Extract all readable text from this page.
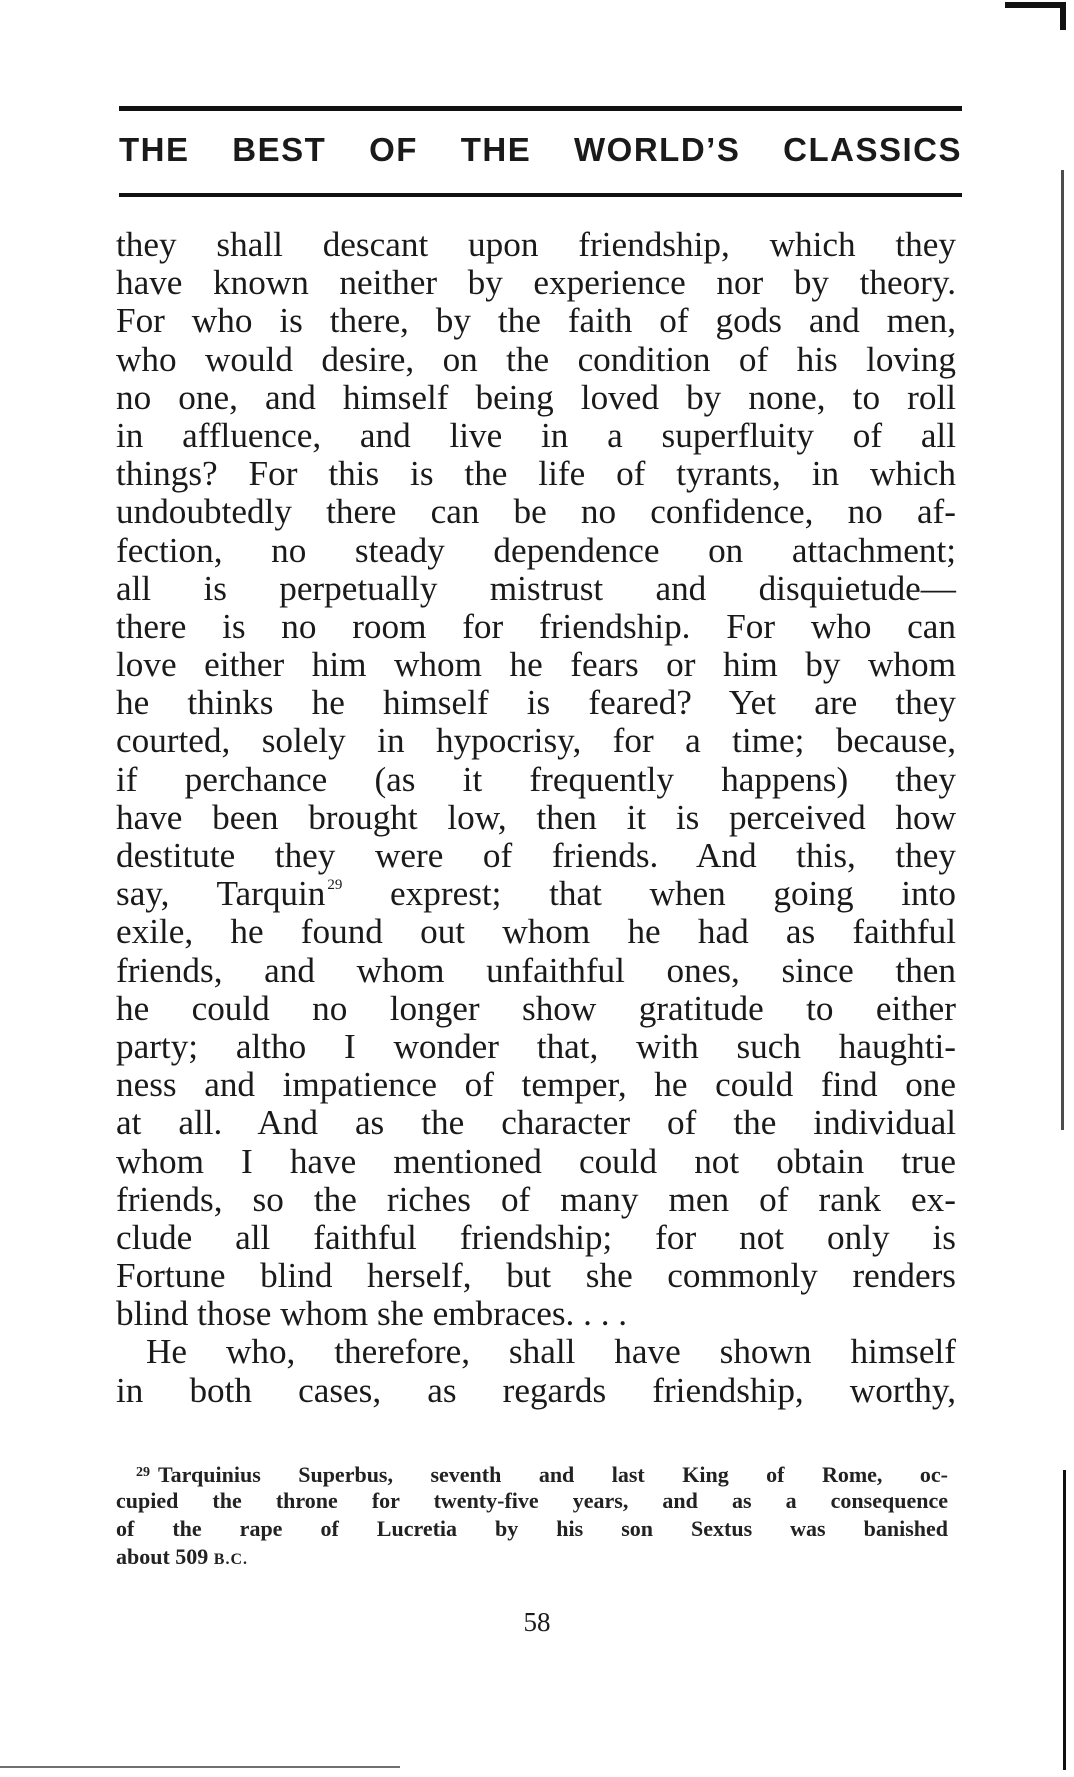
THE BEST OF THE WORLD’S CLASSICS
they shall descant upon friendship, which they
have known neither by experience nor by theory.
For who is there, by the faith of gods and men,
who would desire, on the condition of his loving
no one, and himself being loved by none, to roll
in affluence, and live in a superfluity of all
things? For this is the life of tyrants, in which
undoubtedly there can be no confidence, no af-
fection, no steady dependence on attachment;
all is perpetually mistrust and disquietude—
there is no room for friendship. For who can
love either him whom he fears or him by whom
he thinks he himself is feared? Yet are they
courted, solely in hypocrisy, for a time; because,
if perchance (as it frequently happens) they
have been brought low, then it is perceived how
destitute they were of friends. And this, they
say, Tarquin $^{29}$ exprest; that when going into
exile, he found out whom he had as faithful
friends, and whom unfaithful ones, since then
he could no longer show gratitude to either
party; altho I wonder that, with such haughti-
ness and impatience of temper, he could find one
at all. And as the character of the individual
whom I have mentioned could not obtain true
friends, so the riches of many men of rank ex-
clude all faithful friendship; for not only is
Fortune blind herself, but she commonly renders
blind those whom she embraces. . . .
He who, therefore, shall have shown himself
in both cases, as regards friendship, worthy,
$^{29}$ Tarquinius Superbus, seventh and last King of Rome, oc-
cupied the throne for twenty-five years, and as a consequence
of the rape of Lucretia by his son Sextus was banished
about 509 B.C.
58
